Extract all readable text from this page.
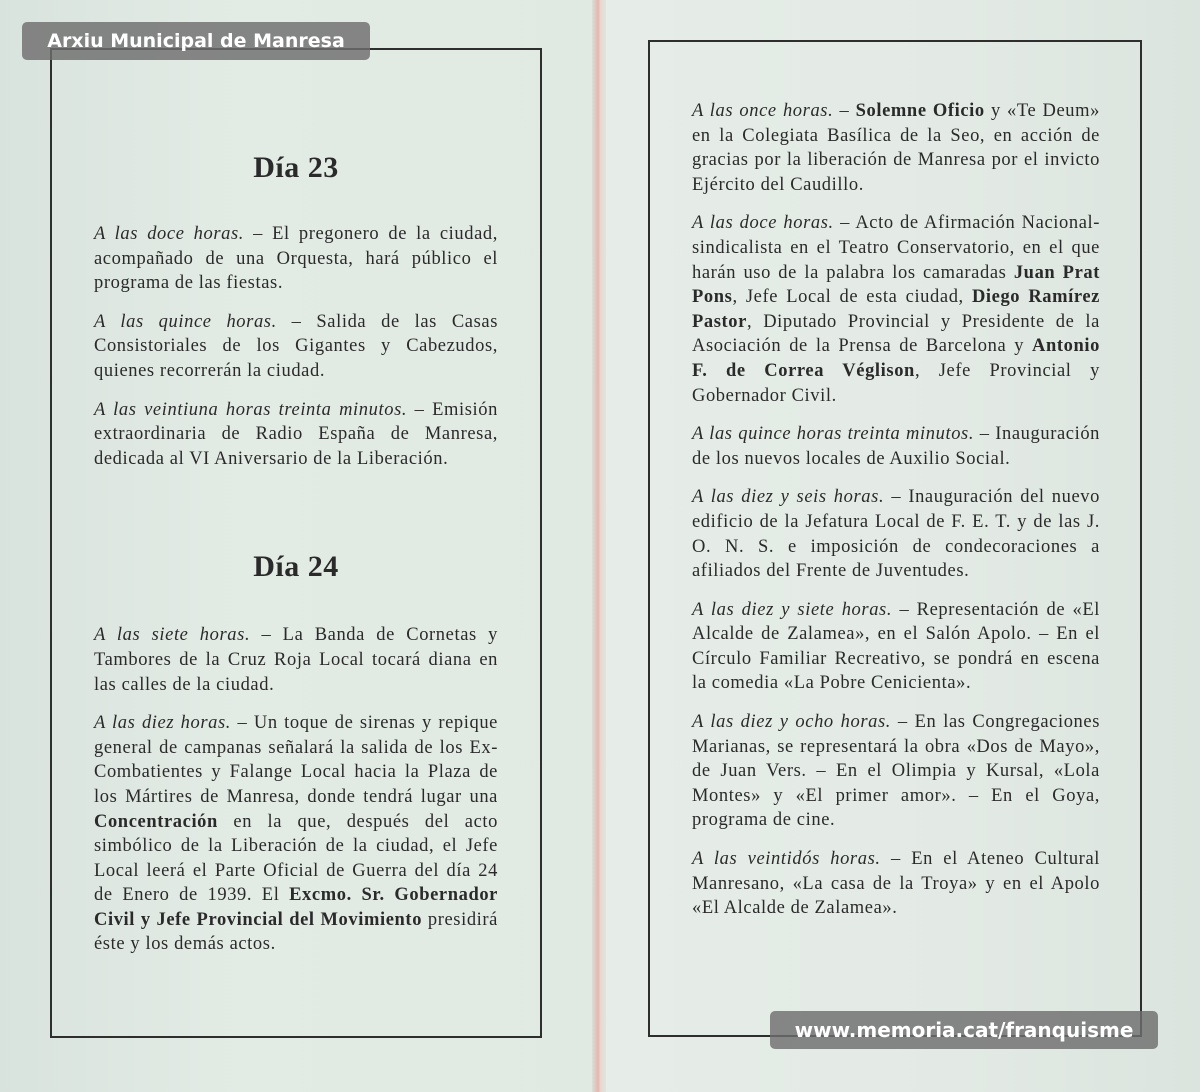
Día 23

A las doce horas. – El pregonero de la ciudad, acompañado de una Orquesta, hará público el programa de las fiestas.

A las quince horas. – Salida de las Casas Consistoriales de los Gigantes y Cabezudos, quienes recorrerán la ciudad.

A las veintiuna horas treinta minutos. – Emisión extraordinaria de Radio España de Manresa, dedicada al VI Aniversario de la Liberación.

Día 24

A las siete horas. – La Banda de Cornetas y Tambores de la Cruz Roja Local tocará diana en las calles de la ciudad.

A las diez horas. – Un toque de sirenas y repique general de campanas señalará la salida de los Ex-Combatientes y Falange Local hacia la Plaza de los Mártires de Manresa, donde tendrá lugar una Concentración en la que, después del acto simbólico de la Liberación de la ciudad, el Jefe Local leerá el Parte Oficial de Guerra del día 24 de Enero de 1939. El Excmo. Sr. Gobernador Civil y Jefe Provincial del Movimiento presidirá éste y los demás actos.

A las once horas. – Solemne Oficio y «Te Deum» en la Colegiata Basílica de la Seo, en acción de gracias por la liberación de Manresa por el invicto Ejército del Caudillo.

A las doce horas. – Acto de Afirmación Nacional-sindicalista en el Teatro Conservatorio, en el que harán uso de la palabra los camaradas Juan Prat Pons, Jefe Local de esta ciudad, Diego Ramírez Pastor, Diputado Provincial y Presidente de la Asociación de la Prensa de Barcelona y Antonio F. de Correa Véglison, Jefe Provincial y Gobernador Civil.

A las quince horas treinta minutos. – Inauguración de los nuevos locales de Auxilio Social.

A las diez y seis horas. – Inauguración del nuevo edificio de la Jefatura Local de F. E. T. y de las J. O. N. S. e imposición de condecoraciones a afiliados del Frente de Juventudes.

A las diez y siete horas. – Representación de «El Alcalde de Zalamea», en el Salón Apolo. – En el Círculo Familiar Recreativo, se pondrá en escena la comedia «La Pobre Cenicienta».

A las diez y ocho horas. – En las Congregaciones Marianas, se representará la obra «Dos de Mayo», de Juan Vers. – En el Olimpia y Kursal, «Lola Montes» y «El primer amor». – En el Goya, programa de cine.

A las veintidós horas. – En el Ateneo Cultural Manresano, «La casa de la Troya» y en el Apolo «El Alcalde de Zalamea».

Arxiu Municipal de Manresa
www.memoria.cat/franquisme
